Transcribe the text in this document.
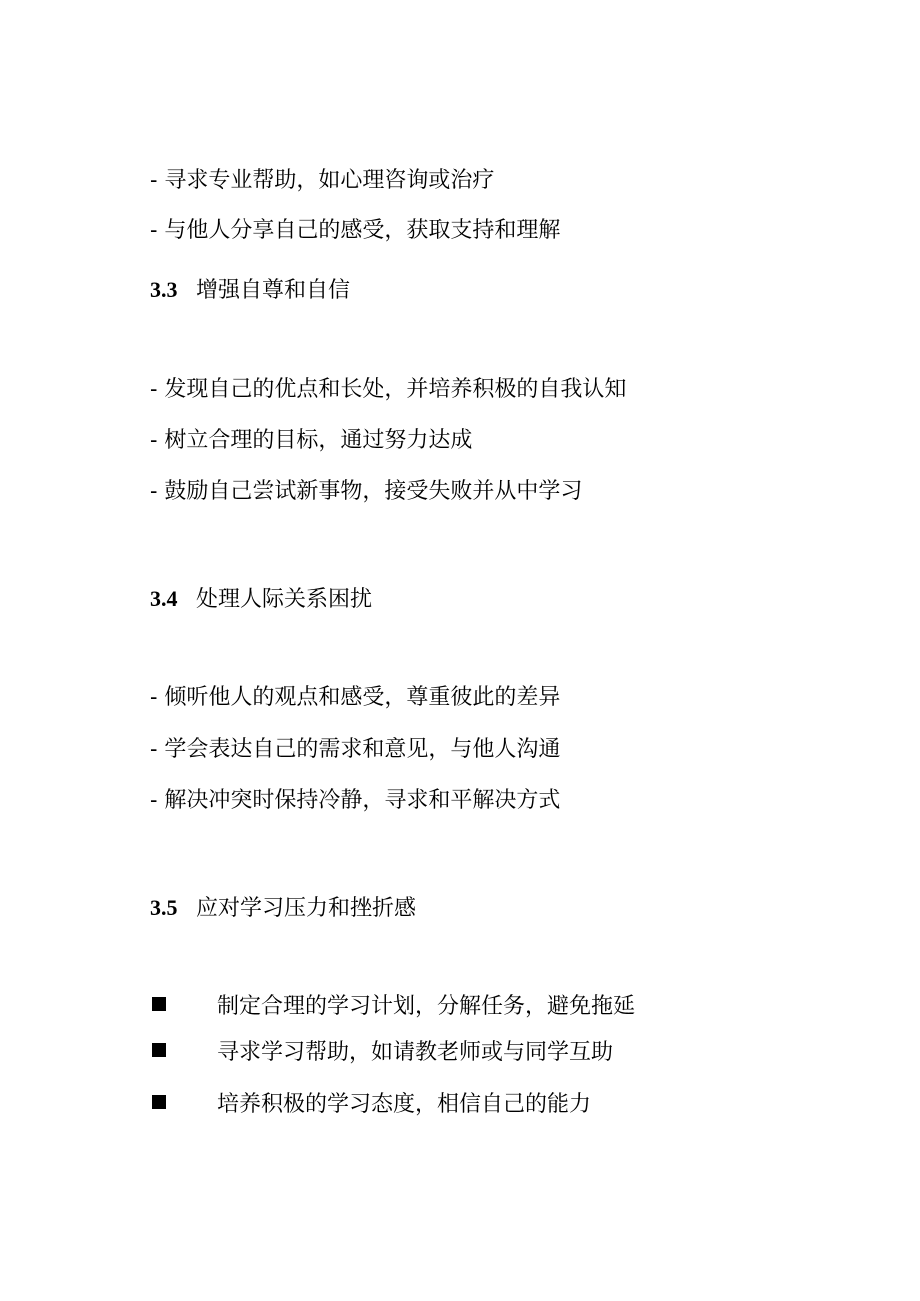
- 寻求专业帮助，如心理咨询或治疗
- 与他人分享自己的感受，获取支持和理解
3.3 增强自尊和自信
- 发现自己的优点和长处，并培养积极的自我认知
- 树立合理的目标，通过努力达成
- 鼓励自己尝试新事物，接受失败并从中学习
3.4 处理人际关系困扰
- 倾听他人的观点和感受，尊重彼此的差异
- 学会表达自己的需求和意见，与他人沟通
- 解决冲突时保持冷静，寻求和平解决方式
3.5 应对学习压力和挫折感
制定合理的学习计划，分解任务，避免拖延
寻求学习帮助，如请教老师或与同学互助
培养积极的学习态度，相信自己的能力
